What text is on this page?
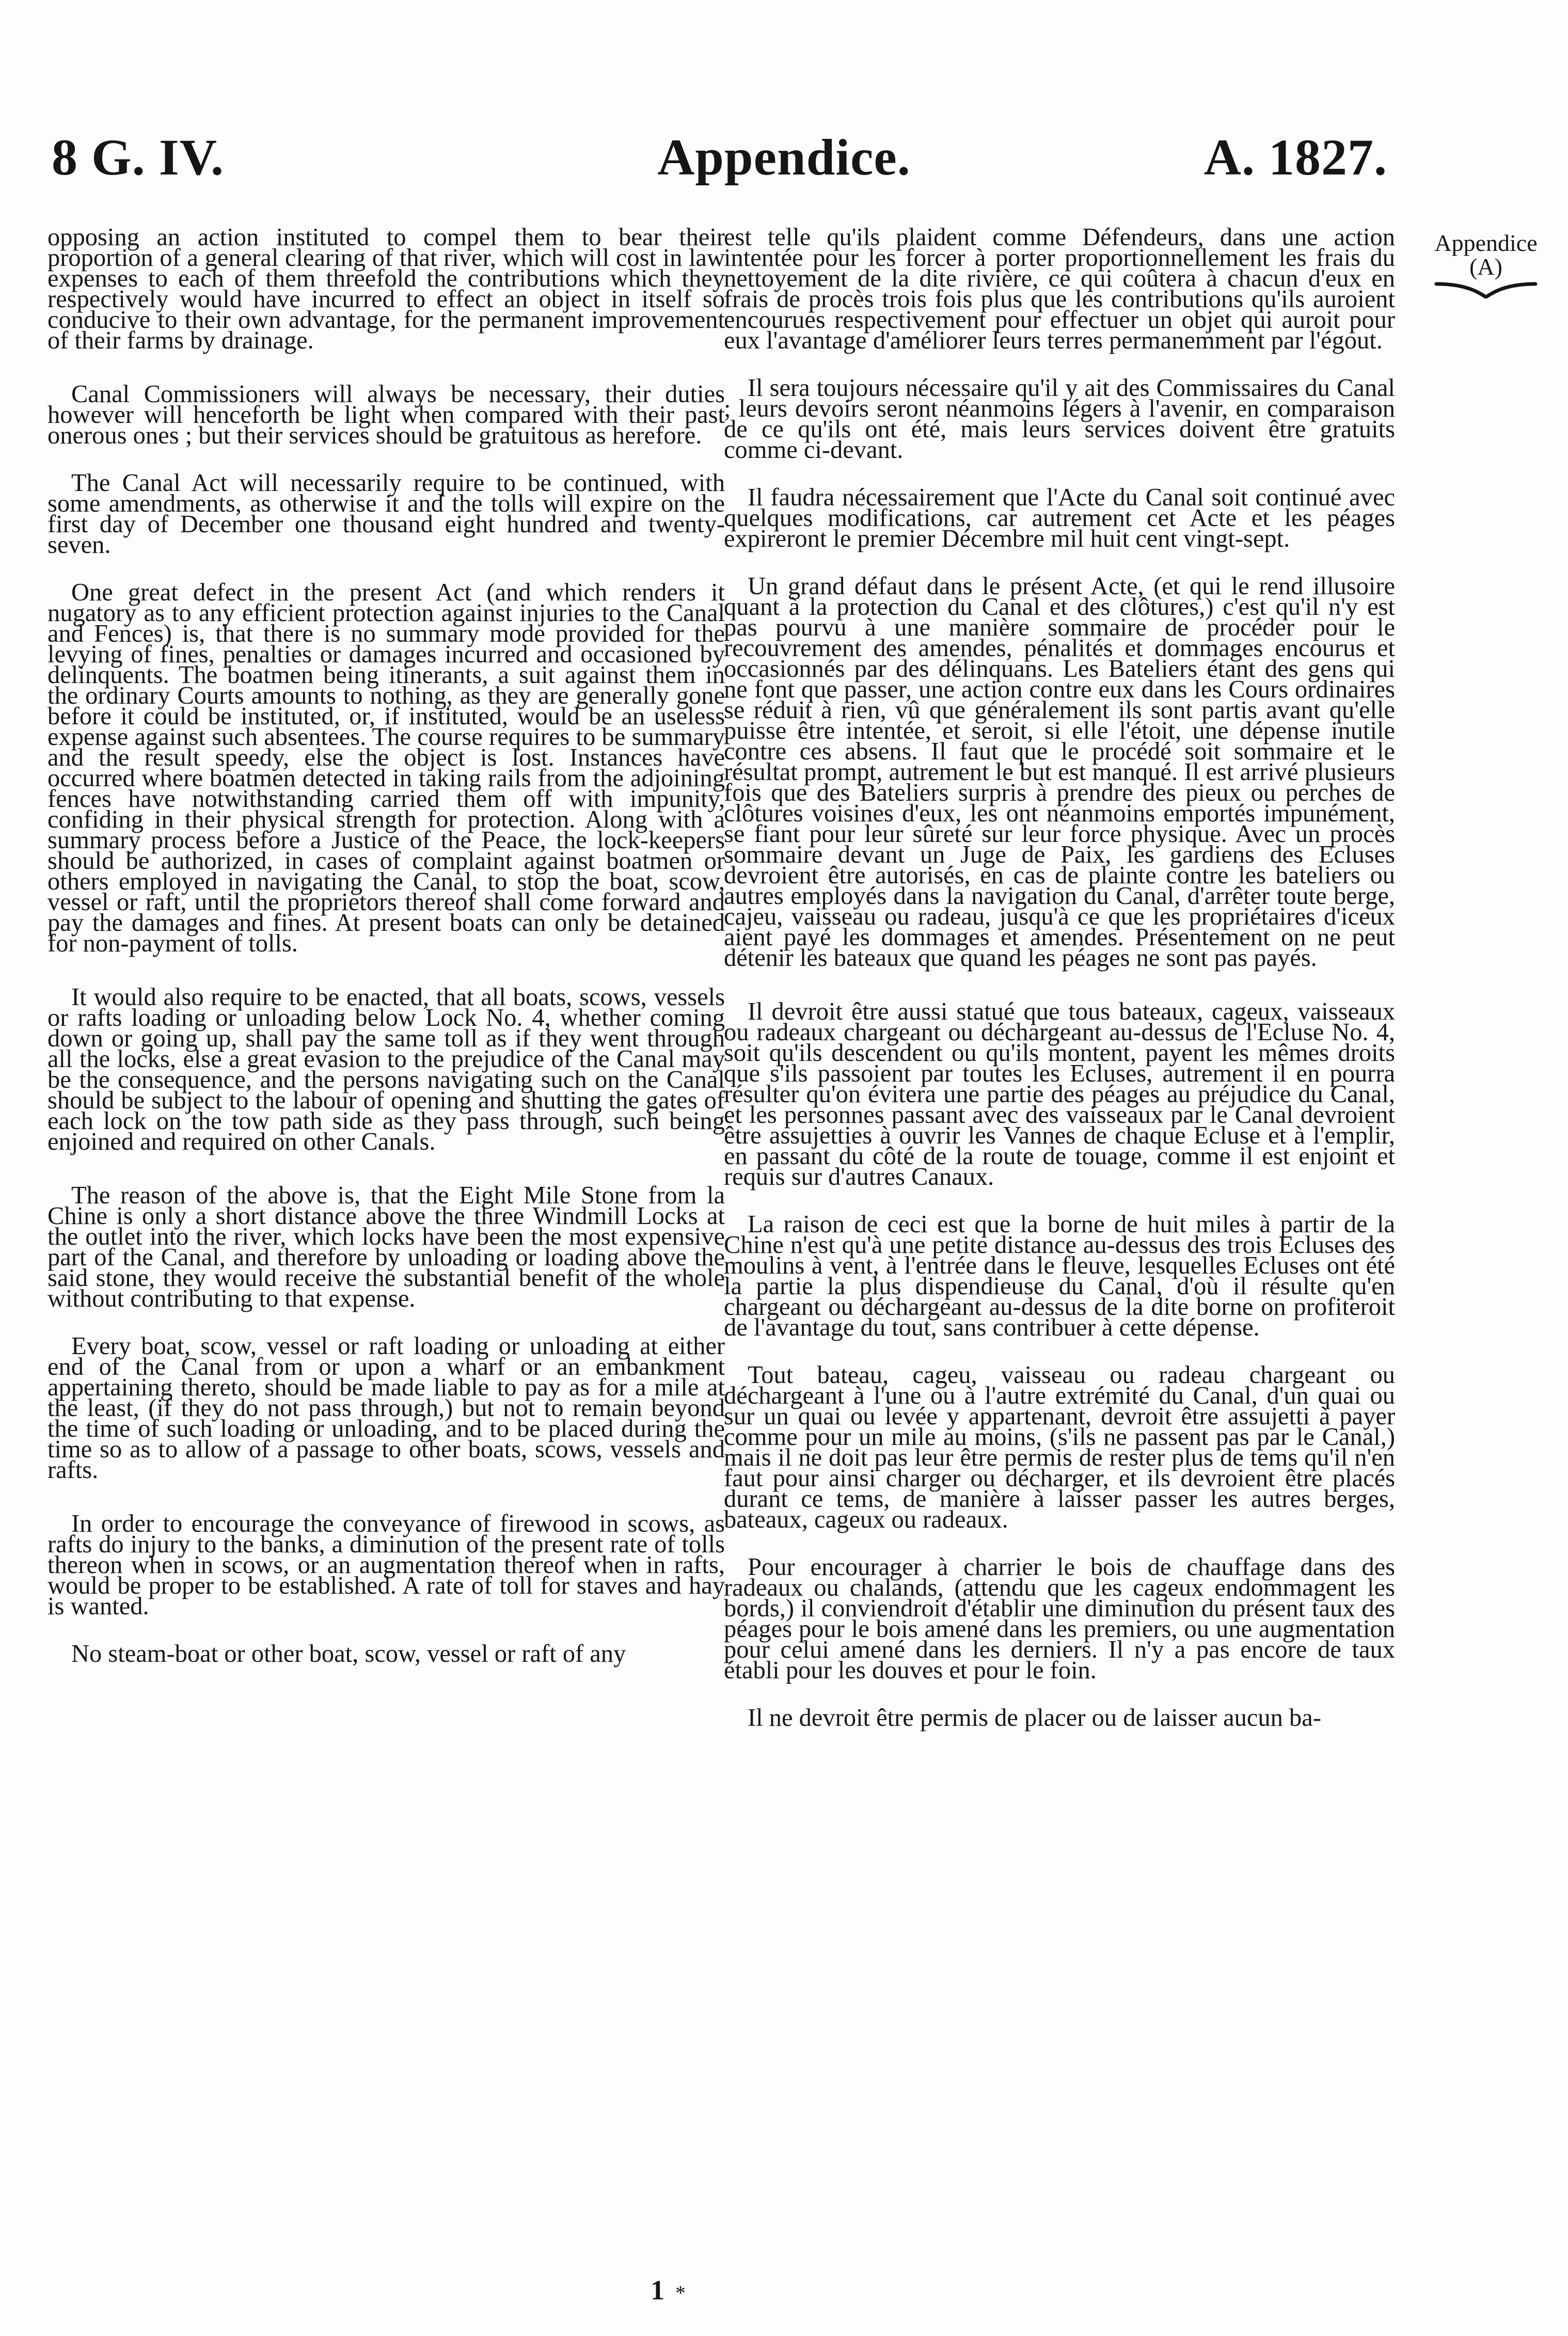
8 G. IV.	Appendice.	A. 1827.
Appendice
(A)

opposing an action instituted to compel them to bear their proportion of a general clearing of that river, which will cost in law expenses to each of them threefold the contributions which they respectively would have incurred to effect an object in itself so conducive to their own advantage, for the permanent improvement of their farms by drainage.

Canal Commissioners will always be necessary, their duties however will henceforth be light when compared with their past onerous ones ; but their services should be gratuitous as herefore.

The Canal Act will necessarily require to be continued, with some amendments, as otherwise it and the tolls will expire on the first day of December one thousand eight hundred and twenty-seven.

One great defect in the present Act (and which renders it nugatory as to any efficient protection against injuries to the Canal and Fences) is, that there is no summary mode provided for the levying of fines, penalties or damages incurred and occasioned by delinquents. The boatmen being itinerants, a suit against them in the ordinary Courts amounts to nothing, as they are generally gone before it could be instituted, or, if instituted, would be an useless expense against such absentees. The course requires to be summary and the result speedy, else the object is lost. Instances have occurred where boatmen detected in taking rails from the adjoining fences have notwithstanding carried them off with impunity, confiding in their physical strength for protection. Along with a summary process before a Justice of the Peace, the lock-keepers should be authorized, in cases of complaint against boatmen or others employed in navigating the Canal, to stop the boat, scow, vessel or raft, until the proprietors thereof shall come forward and pay the damages and fines. At present boats can only be detained for non-payment of tolls.

It would also require to be enacted, that all boats, scows, vessels or rafts loading or unloading below Lock No. 4, whether coming down or going up, shall pay the same toll as if they went through all the locks, else a great evasion to the prejudice of the Canal may be the consequence, and the persons navigating such on the Canal should be subject to the labour of opening and shutting the gates of each lock on the tow path side as they pass through, such being enjoined and required on other Canals.

The reason of the above is, that the Eight Mile Stone from la Chine is only a short distance above the three Windmill Locks at the outlet into the river, which locks have been the most expensive part of the Canal, and therefore by unloading or loading above the said stone, they would receive the substantial benefit of the whole without contributing to that expense.

Every boat, scow, vessel or raft loading or unloading at either end of the Canal from or upon a wharf or an embankment appertaining thereto, should be made liable to pay as for a mile at the least, (if they do not pass through,) but not to remain beyond the time of such loading or unloading, and to be placed during the time so as to allow of a passage to other boats, scows, vessels and rafts.

In order to encourage the conveyance of firewood in scows, as rafts do injury to the banks, a diminution of the present rate of tolls thereon when in scows, or an augmentation thereof when in rafts, would be proper to be established. A rate of toll for staves and hay is wanted.

No steam-boat or other boat, scow, vessel or raft of any

est telle qu'ils plaident comme Défendeurs, dans une action intentée pour les forcer à porter proportionnellement les frais du nettoyement de la dite rivière, ce qui coûtera à chacun d'eux en frais de procès trois fois plus que les contributions qu'ils auroient encourues respectivement pour effectuer un objet qui auroit pour eux l'avantage d'améliorer leurs terres permanemment par l'égout.

Il sera toujours nécessaire qu'il y ait des Commissaires du Canal ; leurs devoirs seront néanmoins légers à l'avenir, en comparaison de ce qu'ils ont été, mais leurs services doivent être gratuits comme ci-devant.

Il faudra nécessairement que l'Acte du Canal soit continué avec quelques modifications, car autrement cet Acte et les péages expireront le premier Décembre mil huit cent vingt-sept.

Un grand défaut dans le présent Acte, (et qui le rend illusoire quant à la protection du Canal et des clôtures,) c'est qu'il n'y est pas pourvu à une manière sommaire de procéder pour le recouvrement des amendes, pénalités et dommages encourus et occasionnés par des délinquans. Les Bateliers étant des gens qui ne font que passer, une action contre eux dans les Cours ordinaires se réduit à rien, vû que généralement ils sont partis avant qu'elle puisse être intentée, et seroit, si elle l'étoit, une dépense inutile contre ces absens. Il faut que le procédé soit sommaire et le résultat prompt, autrement le but est manqué. Il est arrivé plusieurs fois que des Bateliers surpris à prendre des pieux ou perches de clôtures voisines d'eux, les ont néanmoins emportés impunément, se fiant pour leur sûreté sur leur force physique. Avec un procès sommaire devant un Juge de Paix, les gardiens des Ecluses devroient être autorisés, en cas de plainte contre les bateliers ou autres employés dans la navigation du Canal, d'arrêter toute berge, cajeu, vaisseau ou radeau, jusqu'à ce que les propriétaires d'iceux aient payé les dommages et amendes. Présentement on ne peut détenir les bateaux que quand les péages ne sont pas payés.

Il devroit être aussi statué que tous bateaux, cageux, vaisseaux ou radeaux chargeant ou déchargeant au-dessus de l'Ecluse No. 4, soit qu'ils descendent ou qu'ils montent, payent les mêmes droits que s'ils passoient par toutes les Ecluses, autrement il en pourra résulter qu'on évitera une partie des péages au préjudice du Canal, et les personnes passant avec des vaisseaux par le Canal devroient être assujetties à ouvrir les Vannes de chaque Ecluse et à l'emplir, en passant du côté de la route de touage, comme il est enjoint et requis sur d'autres Canaux.

La raison de ceci est que la borne de huit miles à partir de la Chine n'est qu'à une petite distance au-dessus des trois Ecluses des moulins à vent, à l'entrée dans le fleuve, lesquelles Ecluses ont été la partie la plus dispendieuse du Canal, d'où il résulte qu'en chargeant ou déchargeant au-dessus de la dite borne on profiteroit de l'avantage du tout, sans contribuer à cette dépense.

Tout bateau, cageu, vaisseau ou radeau chargeant ou déchargeant à l'une ou à l'autre extrémité du Canal, d'un quai ou sur un quai ou levée y appartenant, devroit être assujetti à payer comme pour un mile au moins, (s'ils ne passent pas par le Canal,) mais il ne doit pas leur être permis de rester plus de tems qu'il n'en faut pour ainsi charger ou décharger, et ils devroient être placés durant ce tems, de manière à laisser passer les autres berges, bateaux, cageux ou radeaux.

Pour encourager à charrier le bois de chauffage dans des radeaux ou chalands, (attendu que les cageux endommagent les bords,) il conviendroit d'établir une diminution du présent taux des péages pour le bois amené dans les premiers, ou une augmentation pour celui amené dans les derniers. Il n'y a pas encore de taux établi pour les douves et pour le foin.

Il ne devroit être permis de placer ou de laisser aucun ba-

1 *
